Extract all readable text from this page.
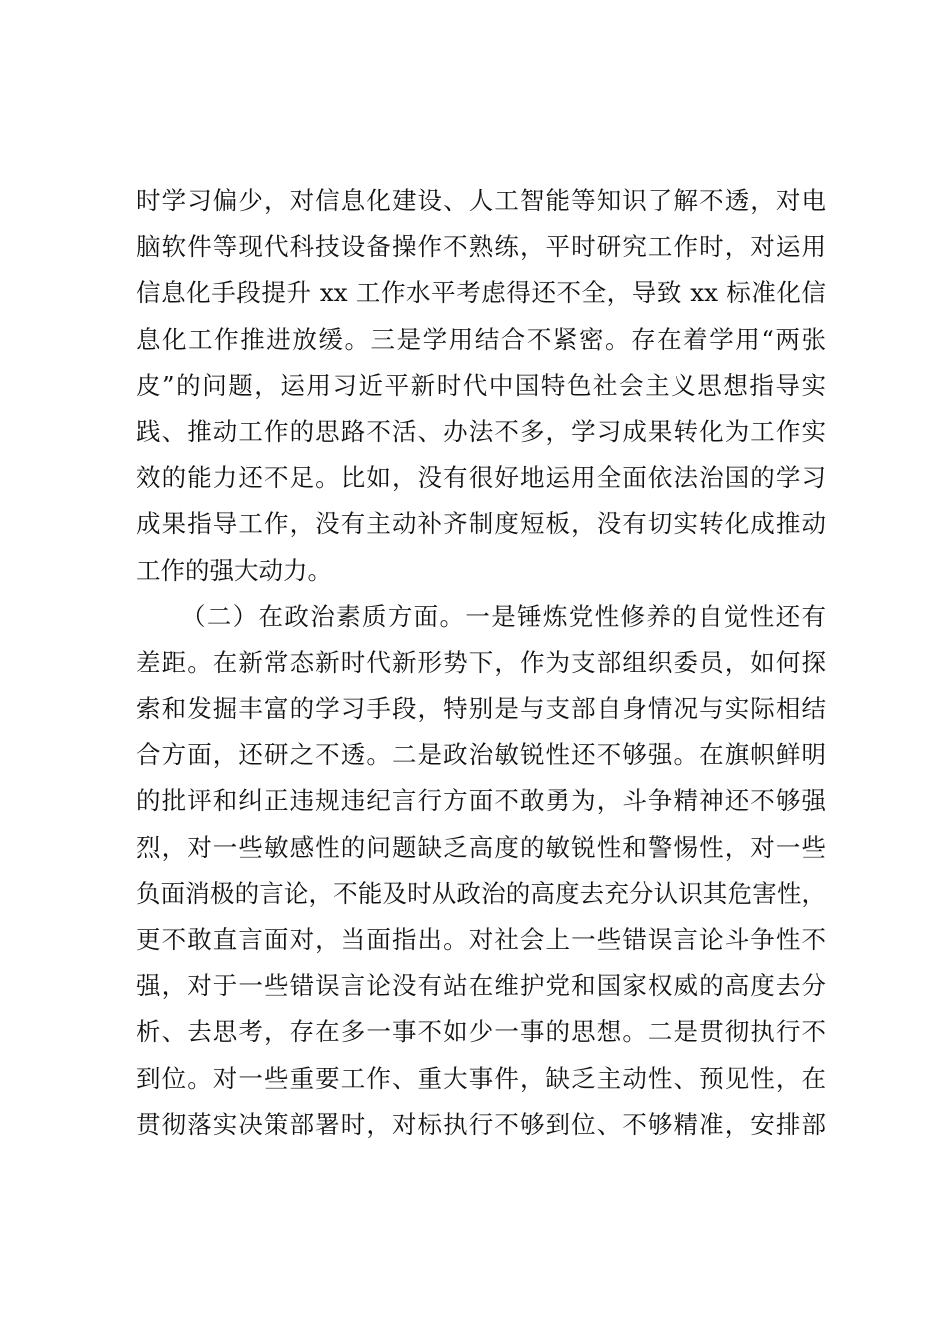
时学习偏少，对信息化建设、人工智能等知识了解不透，对电
脑软件等现代科技设备操作不熟练，平时研究工作时，对运用
信息化手段提升 xx 工作水平考虑得还不全，导致 xx 标准化信
息化工作推进放缓。三是学用结合不紧密。存在着学用“两张
皮”的问题，运用习近平新时代中国特色社会主义思想指导实
践、推动工作的思路不活、办法不多，学习成果转化为工作实
效的能力还不足。比如，没有很好地运用全面依法治国的学习
成果指导工作，没有主动补齐制度短板，没有切实转化成推动
工作的强大动力。
（二）在政治素质方面。一是锤炼党性修养的自觉性还有
差距。在新常态新时代新形势下，作为支部组织委员，如何探
索和发掘丰富的学习手段，特别是与支部自身情况与实际相结
合方面，还研之不透。二是政治敏锐性还不够强。在旗帜鲜明
的批评和纠正违规违纪言行方面不敢勇为，斗争精神还不够强
烈，对一些敏感性的问题缺乏高度的敏锐性和警惕性，对一些
负面消极的言论，不能及时从政治的高度去充分认识其危害性，
更不敢直言面对，当面指出。对社会上一些错误言论斗争性不
强，对于一些错误言论没有站在维护党和国家权威的高度去分
析、去思考，存在多一事不如少一事的思想。二是贯彻执行不
到位。对一些重要工作、重大事件，缺乏主动性、预见性，在
贯彻落实决策部署时，对标执行不够到位、不够精准，安排部
